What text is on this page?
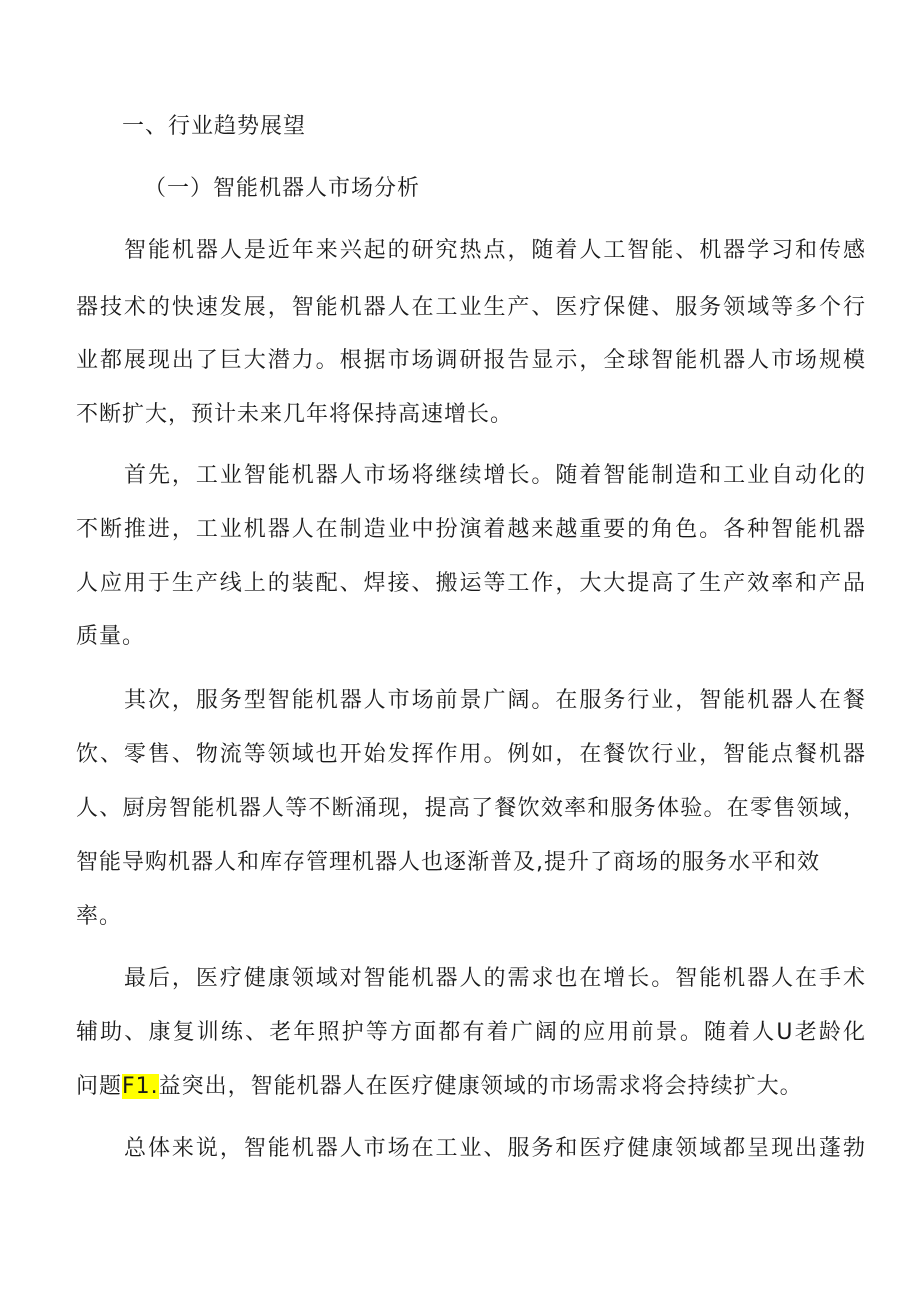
一、行业趋势展望
（一）智能机器人市场分析
智能机器人是近年来兴起的研究热点，随着人工智能、机器学习和传感
器技术的快速发展，智能机器人在工业生产、医疗保健、服务领域等多个行
业都展现出了巨大潜力。根据市场调研报告显示，全球智能机器人市场规模
不断扩大，预计未来几年将保持高速增长。
首先，工业智能机器人市场将继续增长。随着智能制造和工业自动化的
不断推进，工业机器人在制造业中扮演着越来越重要的角色。各种智能机器
人应用于生产线上的装配、焊接、搬运等工作，大大提高了生产效率和产品
质量。
其次，服务型智能机器人市场前景广阔。在服务行业，智能机器人在餐
饮、零售、物流等领域也开始发挥作用。例如，在餐饮行业，智能点餐机器
人、厨房智能机器人等不断涌现，提高了餐饮效率和服务体验。在零售领域，
智能导购机器人和库存管理机器人也逐渐普及,提升了商场的服务水平和效
率。
最后，医疗健康领域对智能机器人的需求也在增长。智能机器人在手术
辅助、康复训练、老年照护等方面都有着广阔的应用前景。随着人U老龄化
问题F1.益突出，智能机器人在医疗健康领域的市场需求将会持续扩大。
总体来说，智能机器人市场在工业、服务和医疗健康领域都呈现出蓬勃
